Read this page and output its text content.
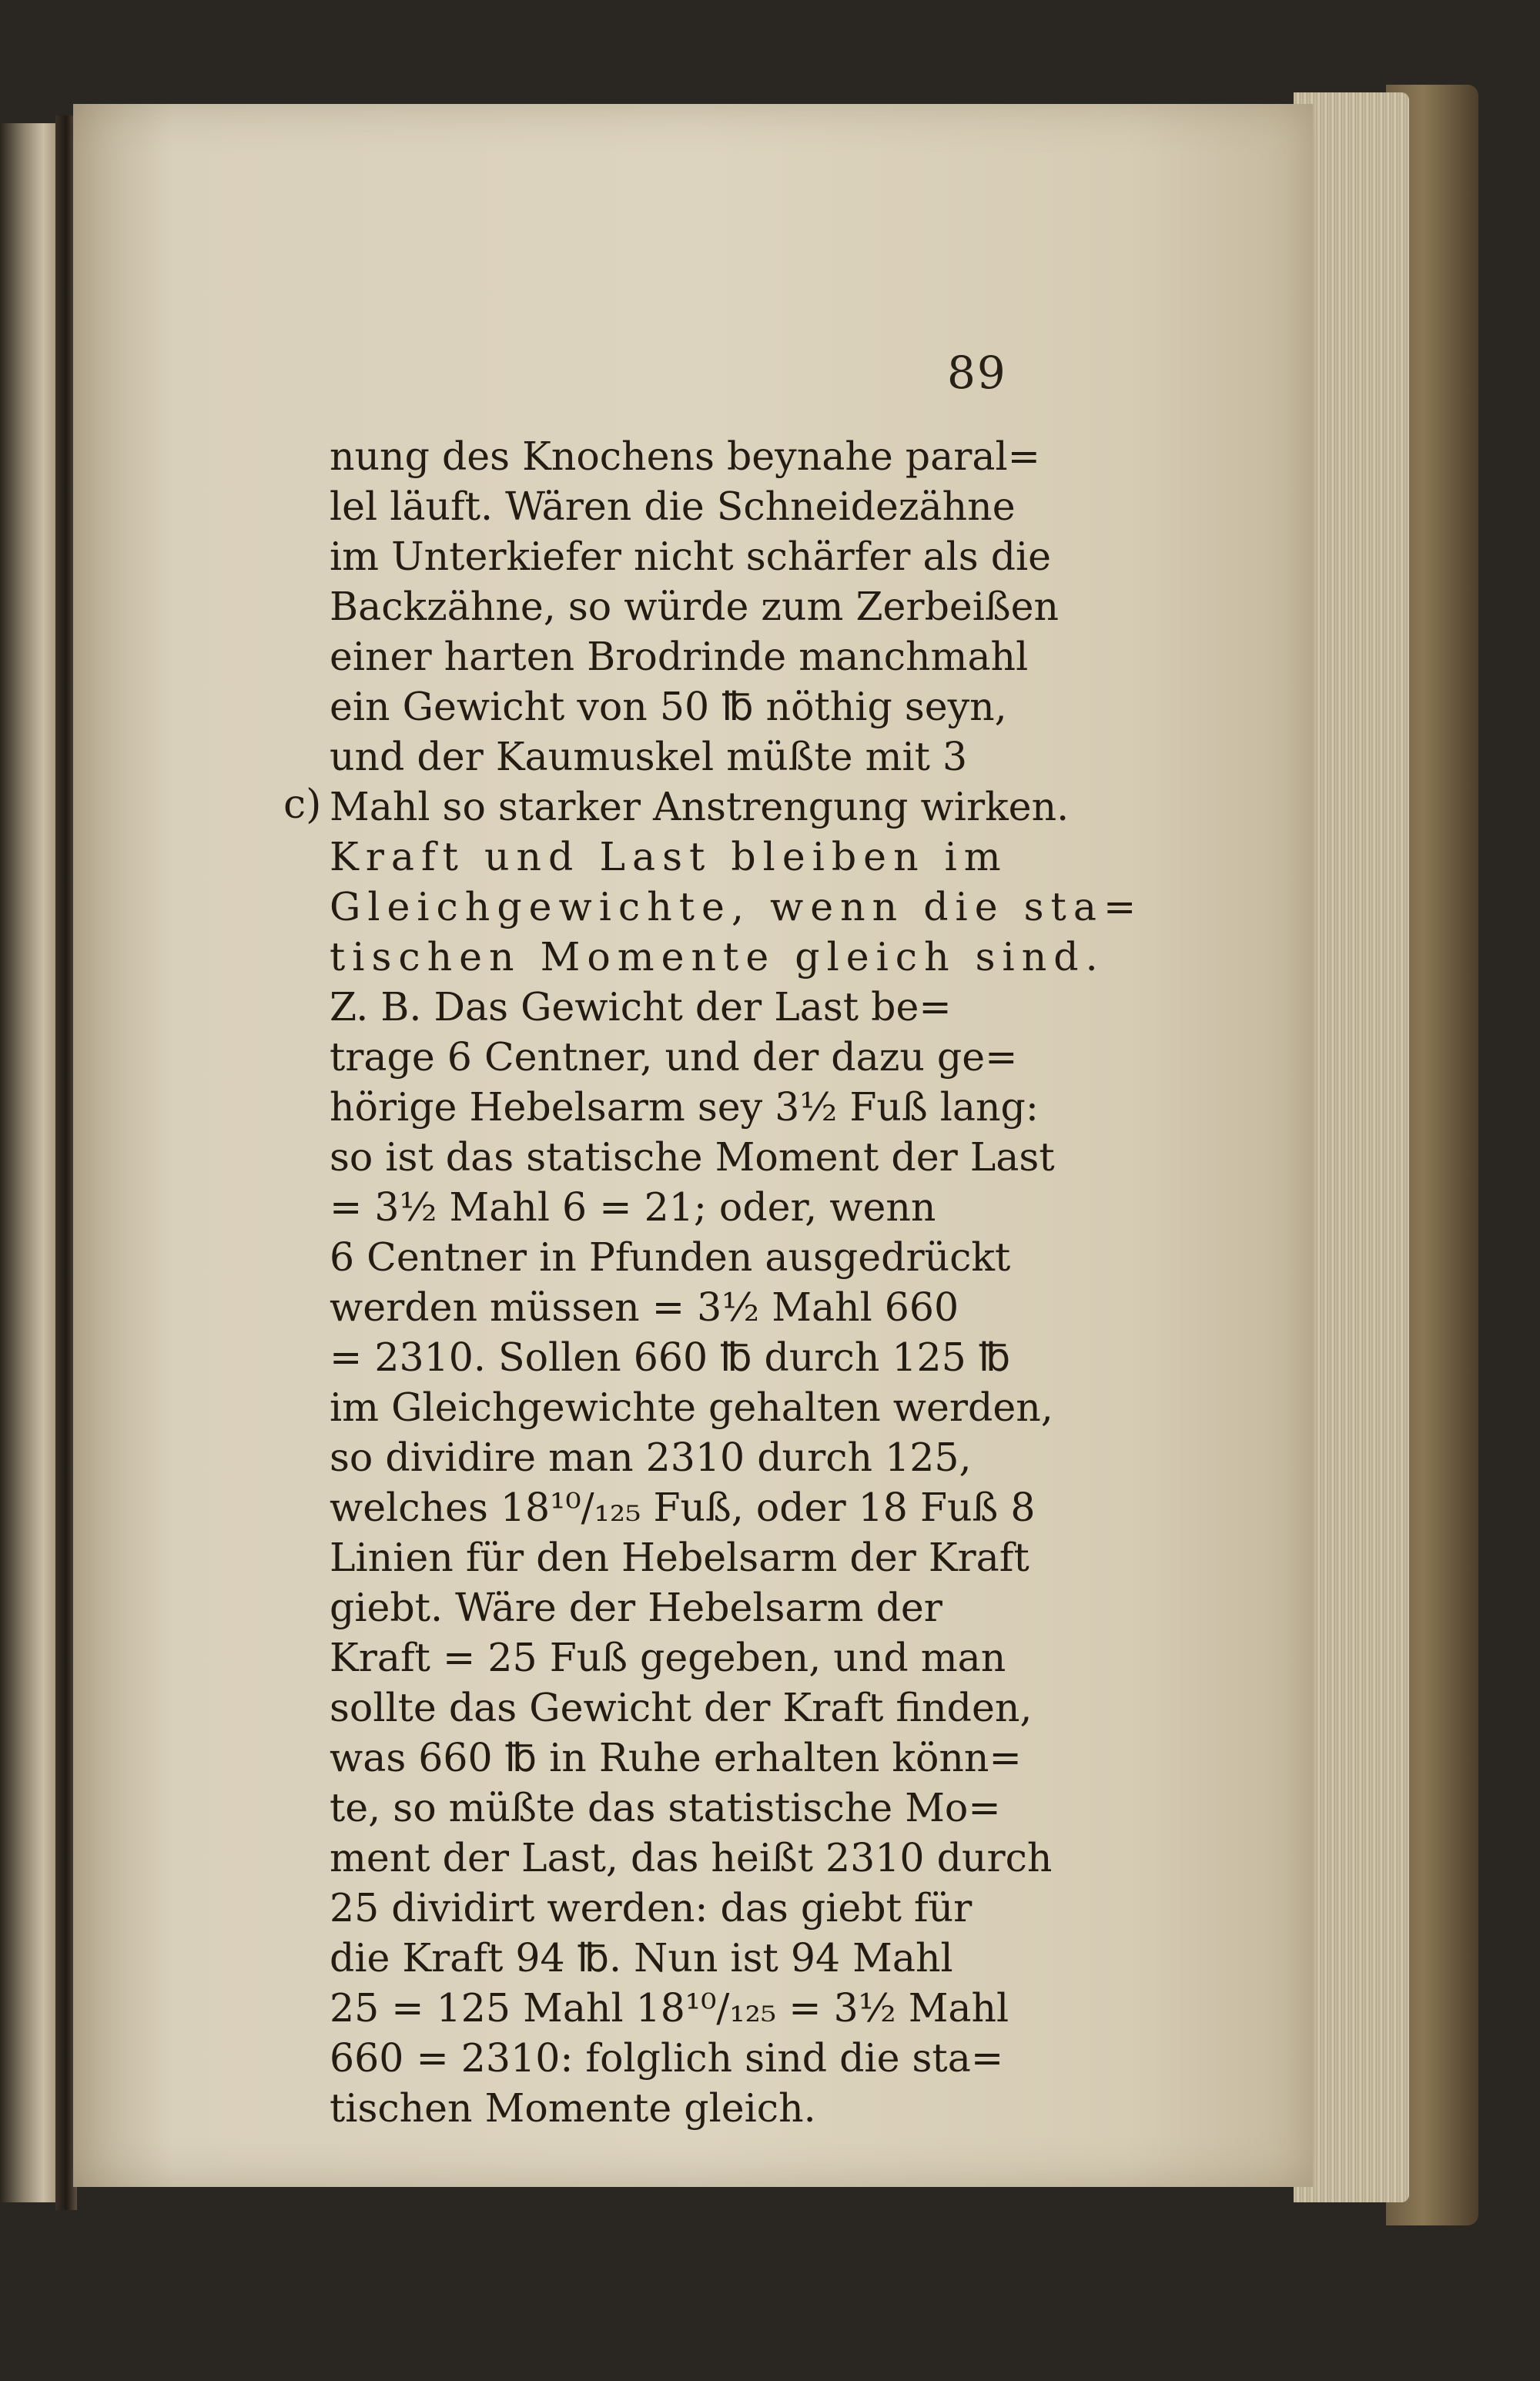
89
c)
nung des Knochens beynahe paral=
lel läuft. Wären die Schneidezähne
im Unterkiefer nicht schärfer als die
Backzähne, so würde zum Zerbeißen
einer harten Brodrinde manchmahl
ein Gewicht von 50 ℔ nöthig seyn,
und der Kaumuskel müßte mit 3
Mahl so starker Anstrengung wirken.
Kraft und Last bleiben im
Gleichgewichte, wenn die sta=
tischen Momente gleich sind.
Z. B. Das Gewicht der Last be=
trage 6 Centner, und der dazu ge=
hörige Hebelsarm sey 3½ Fuß lang:
so ist das statische Moment der Last
= 3½ Mahl 6 = 21; oder, wenn
6 Centner in Pfunden ausgedrückt
werden müssen = 3½ Mahl 660
= 2310. Sollen 660 ℔ durch 125 ℔
im Gleichgewichte gehalten werden,
so dividire man 2310 durch 125,
welches 18¹⁰/₁₂₅ Fuß, oder 18 Fuß 8
Linien für den Hebelsarm der Kraft
giebt. Wäre der Hebelsarm der
Kraft = 25 Fuß gegeben, und man
sollte das Gewicht der Kraft finden,
was 660 ℔ in Ruhe erhalten könn=
te, so müßte das statistische Mo=
ment der Last, das heißt 2310 durch
25 dividirt werden: das giebt für
die Kraft 94 ℔. Nun ist 94 Mahl
25 = 125 Mahl 18¹⁰/₁₂₅ = 3½ Mahl
660 = 2310: folglich sind die sta=
tischen Momente gleich.
